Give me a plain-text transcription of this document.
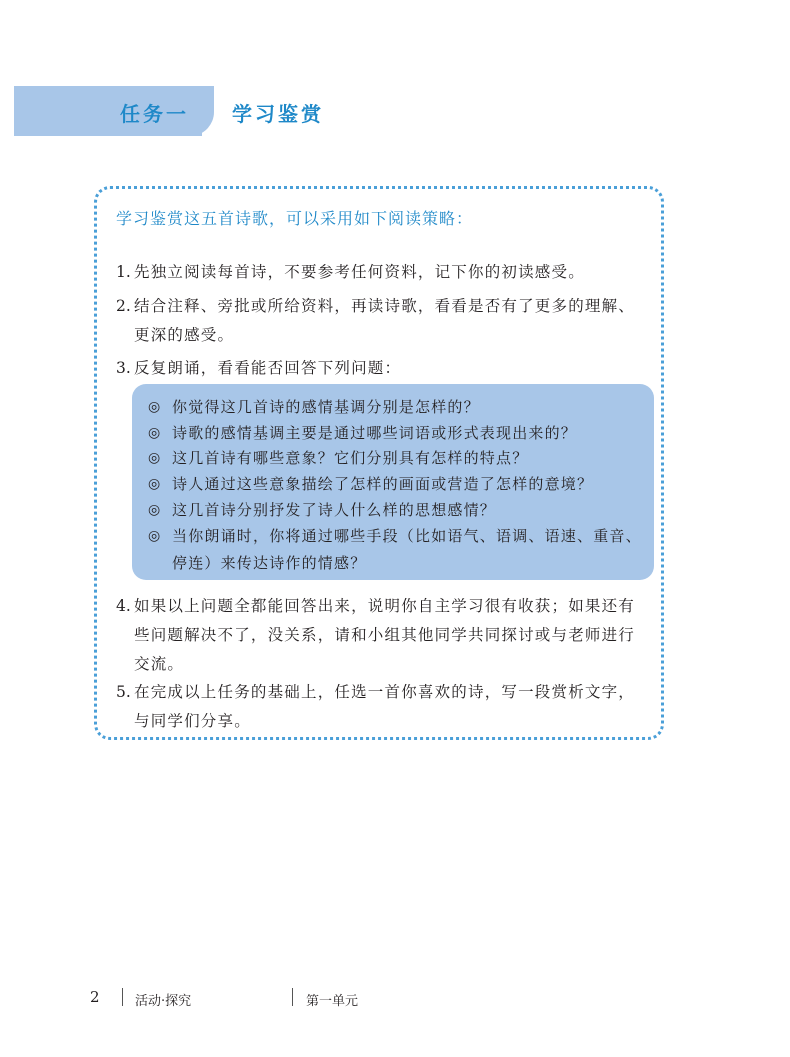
任务一 学习鉴赏
学习鉴赏这五首诗歌，可以采用如下阅读策略：
1. 先独立阅读每首诗，不要参考任何资料，记下你的初读感受。
2. 结合注释、旁批或所给资料，再读诗歌，看看是否有了更多的理解、更深的感受。
3. 反复朗诵，看看能否回答下列问题：
◎ 你觉得这几首诗的感情基调分别是怎样的？
◎ 诗歌的感情基调主要是通过哪些词语或形式表现出来的？
◎ 这几首诗有哪些意象？它们分别具有怎样的特点？
◎ 诗人通过这些意象描绘了怎样的画面或营造了怎样的意境？
◎ 这几首诗分别抒发了诗人什么样的思想感情？
◎ 当你朗诵时，你将通过哪些手段（比如语气、语调、语速、重音、停连）来传达诗作的情感？
4. 如果以上问题全都能回答出来，说明你自主学习很有收获；如果还有些问题解决不了，没关系，请和小组其他同学共同探讨或与老师进行交流。
5. 在完成以上任务的基础上，任选一首你喜欢的诗，写一段赏析文字，与同学们分享。
2	活动·探究	第一单元
